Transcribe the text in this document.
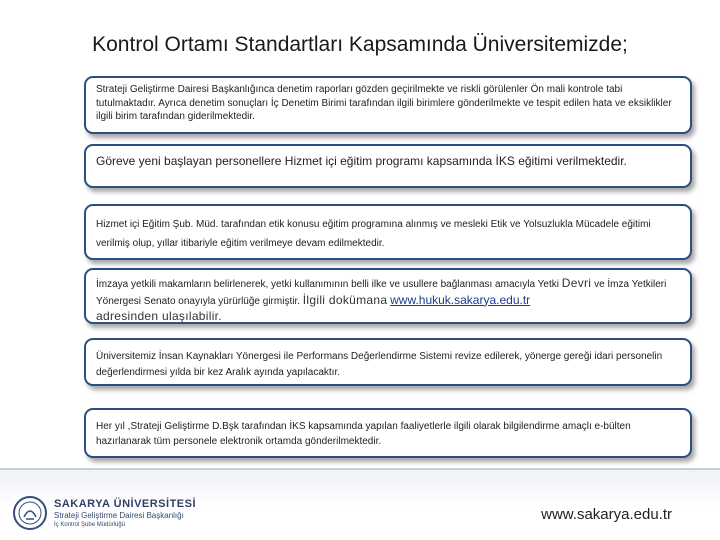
Kontrol Ortamı Standartları Kapsamında Üniversitemizde;
Strateji Geliştirme Dairesi Başkanlığınca denetim raporları gözden geçirilmekte ve riskli görülenler Ön mali kontrole tabi tutulmaktadır. Ayrıca denetim sonuçları İç Denetim Birimi tarafından ilgili birimlere gönderilmekte ve tespit edilen hata ve eksiklikler ilgili birim tarafından giderilmektedir.
Göreve yeni başlayan personellere Hizmet içi eğitim programı kapsamında İKS eğitimi verilmektedir.
Hizmet içi Eğitim Şub. Müd. tarafından etik konusu eğitim programına alınmış ve mesleki Etik ve Yolsuzlukla Mücadele eğitimi verilmiş olup, yıllar itibariyle eğitim verilmeye devam edilmektedir.
İmzaya yetkili makamların belirlenerek, yetki kullanımının belli ilke ve usullere bağlanması amacıyla Yetki Devri ve İmza Yetkileri Yönergesi Senato onayıyla yürürlüğe girmiştir. İlgili dokümana www.hukuk.sakarya.edu.tr
adresinden ulaşılabilir.
Üniversitemiz İnsan Kaynakları Yönergesi ile Performans Değerlendirme Sistemi revize edilerek, yönerge gereği idari personelin değerlendirmesi yılda bir kez Aralık ayında yapılacaktır.
Her yıl ,Strateji Geliştirme D.Bşk tarafından İKS kapsamında yapılan faaliyetlerle ilgili olarak bilgilendirme amaçlı e-bülten hazırlanarak tüm personele elektronik ortamda gönderilmektedir.
SAKARYA ÜNİVERSİTESİ
Strateji Geliştirme Dairesi Başkanlığı
İç Kontrol Şube Müdürlüğü
www.sakarya.edu.tr
